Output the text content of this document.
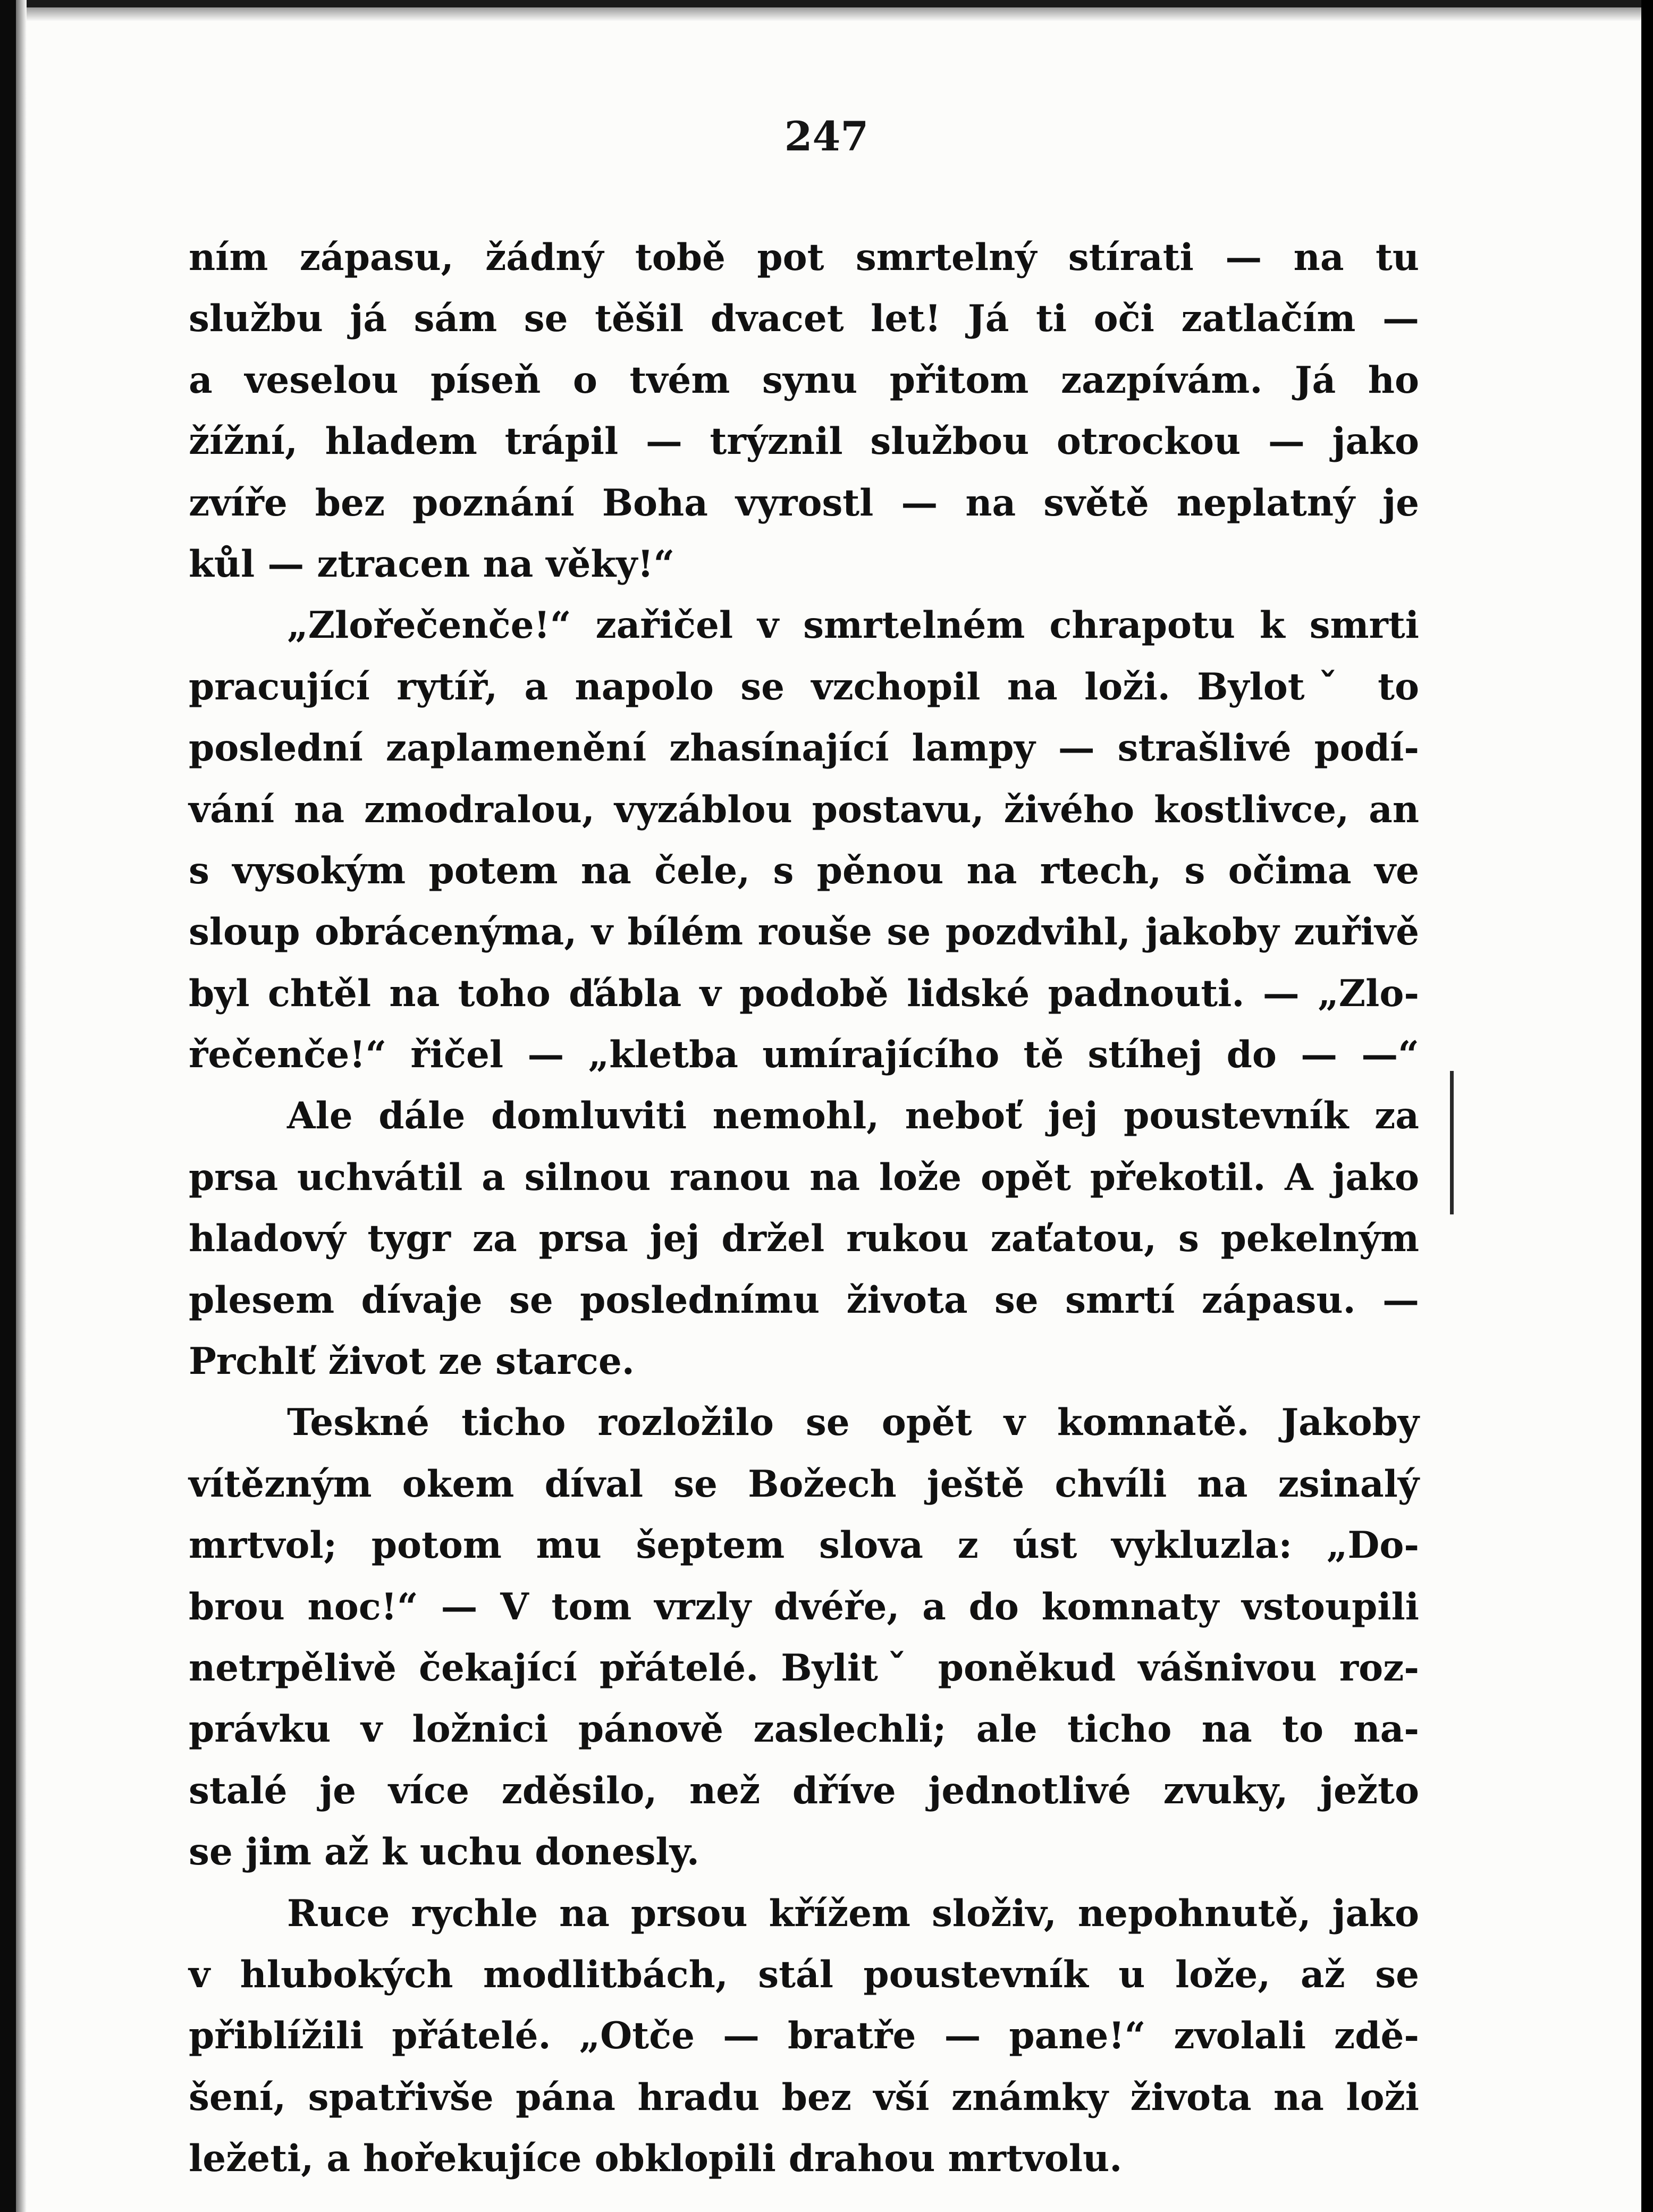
247
ním zápasu, žádný tobě pot smrtelný stírati — na tu
službu já sám se těšil dvacet let! Já ti oči zatlačím —
a veselou píseň o tvém synu přitom zazpívám. Já ho
žížní, hladem trápil — trýznil službou otrockou — jako
zvíře bez poznání Boha vyrostl — na světě neplatný je
kůl — ztracen na věky!“
„Zlořečenče!“ zařičel v smrtelném chrapotu k smrti
pracující rytíř, a napolo se vzchopil na loži. Bylotˇ to
poslední zaplamenění zhasínající lampy — strašlivé podí-
vání na zmodralou, vyzáblou postavu, živého kostlivce, an
s vysokým potem na čele, s pěnou na rtech, s očima ve
sloup obrácenýma, v bílém rouše se pozdvihl, jakoby zuřivě
byl chtěl na toho ďábla v podobě lidské padnouti. — „Zlo-
řečenče!“ řičel — „kletba umírajícího tě stíhej do — —“
Ale dále domluviti nemohl, neboť jej poustevník za
prsa uchvátil a silnou ranou na lože opět překotil. A jako
hladový tygr za prsa jej držel rukou zaťatou, s pekelným
plesem dívaje se poslednímu života se smrtí zápasu. —
Prchlť život ze starce.
Teskné ticho rozložilo se opět v komnatě. Jakoby
vítězným okem díval se Božech ještě chvíli na zsinalý
mrtvol; potom mu šeptem slova z úst vykluzla: „Do-
brou noc!“ — V tom vrzly dvéře, a do komnaty vstoupili
netrpělivě čekající přátelé. Bylitˇ poněkud vášnivou roz-
právku v ložnici pánově zaslechli; ale ticho na to na-
stalé je více zděsilo, než dříve jednotlivé zvuky, ježto
se jim až k uchu donesly.
Ruce rychle na prsou křížem složiv, nepohnutě, jako
v hlubokých modlitbách, stál poustevník u lože, až se
přiblížili přátelé. „Otče — bratře — pane!“ zvolali zdě-
šení, spatřivše pána hradu bez vší známky života na loži
ležeti, a hořekujíce obklopili drahou mrtvolu.
